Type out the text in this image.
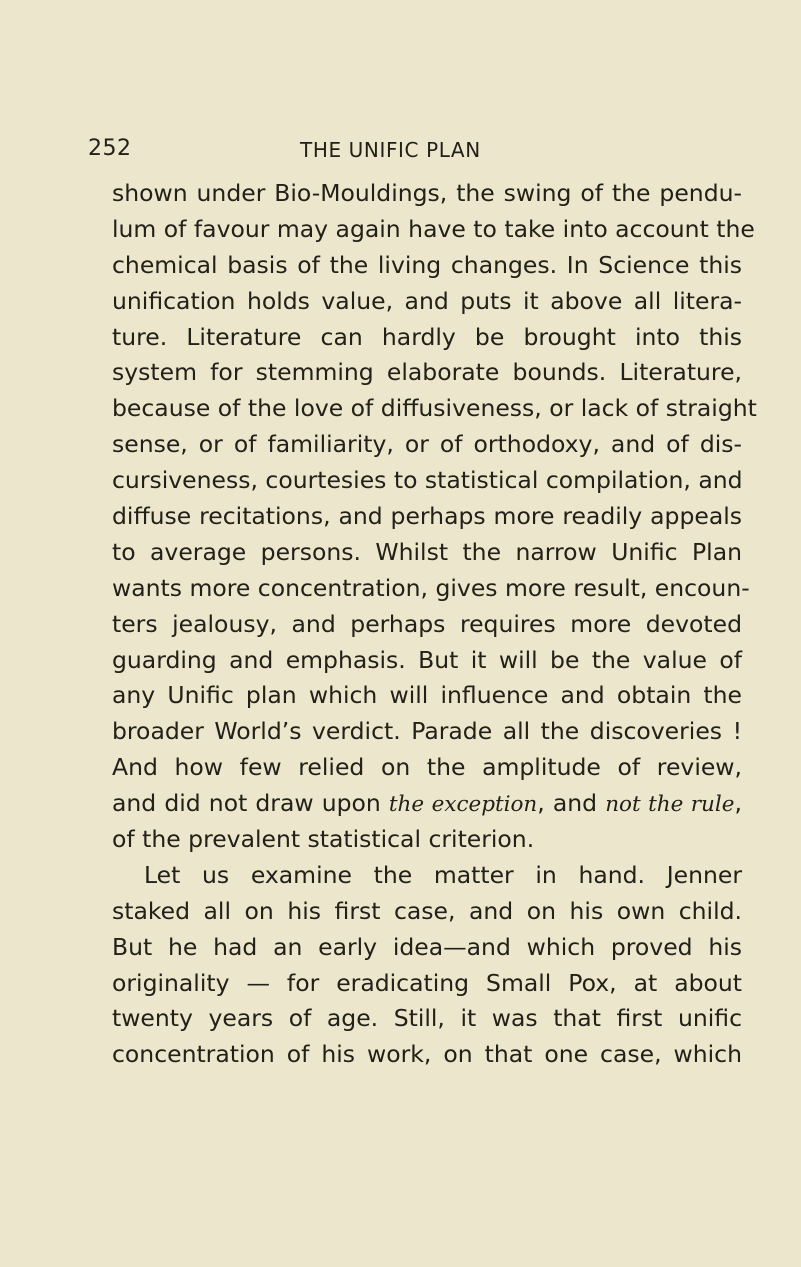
252	THE UNIFIC PLAN
shown under Bio-Mouldings, the swing of the pendu-
lum of favour may again have to take into account the
chemical basis of the living changes. In Science this
unification holds value, and puts it above all litera-
ture. Literature can hardly be brought into this
system for stemming elaborate bounds. Literature,
because of the love of diffusiveness, or lack of straight
sense, or of familiarity, or of orthodoxy, and of dis-
cursiveness, courtesies to statistical compilation, and
diffuse recitations, and perhaps more readily appeals
to average persons. Whilst the narrow Unific Plan
wants more concentration, gives more result, encoun-
ters jealousy, and perhaps requires more devoted
guarding and emphasis. But it will be the value of
any Unific plan which will influence and obtain the
broader World’s verdict. Parade all the discoveries !
And how few relied on the amplitude of review,
and did not draw upon the exception, and not the rule,
of the prevalent statistical criterion.
Let us examine the matter in hand. Jenner
staked all on his first case, and on his own child.
But he had an early idea—and which proved his
originality — for eradicating Small Pox, at about
twenty years of age. Still, it was that first unific
concentration of his work, on that one case, which
